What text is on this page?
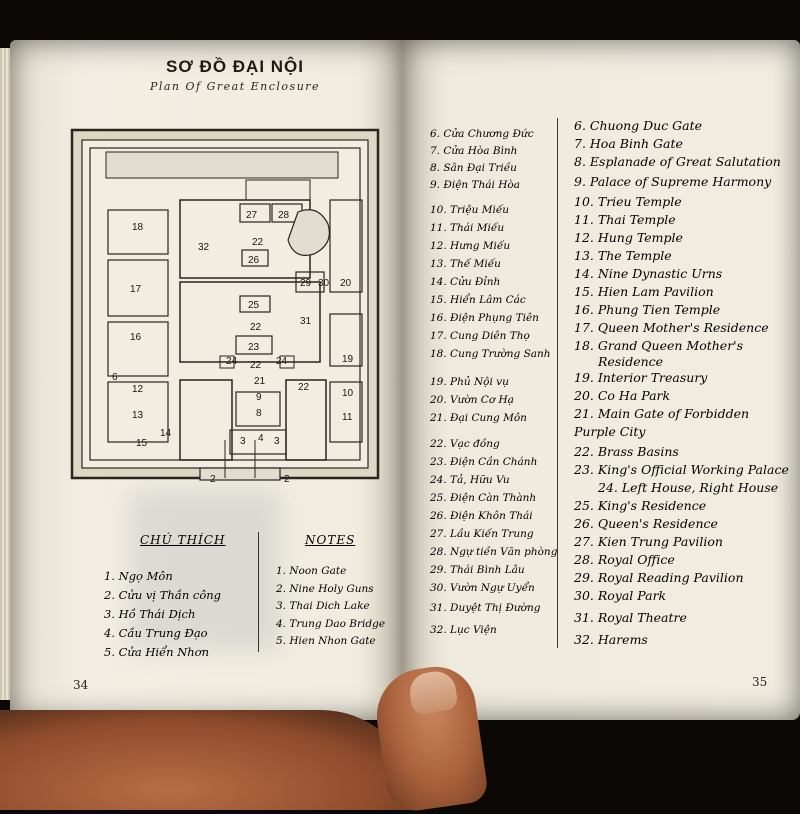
SƠ ĐỒ ĐẠI NỘI
Plan Of Great Enclosure
27 28
18
32	22
26
29 30 20
17
25
22
31
16
23
24 22 24	19
21
6
22
12
9	10
13	8	11
14
15	3 4 3
2	2
CHÚ THÍCH	NOTES
1. Ngọ Môn
2. Cửu vị Thần công
3. Hồ Thái Dịch
4. Cầu Trung Đạo
5. Cửa Hiển Nhơn
1. Noon Gate
2. Nine Holy Guns
3. Thai Dich Lake
4. Trung Dao Bridge
5. Hien Nhon Gate
34
6. Cửa Chương Đức
7. Cửa Hòa Bình
8. Sân Đại Triều
9. Điện Thái Hòa
10. Triệu Miếu
11. Thái Miếu
12. Hưng Miếu
13. Thế Miếu
14. Cửu Đỉnh
15. Hiển Lâm Các
16. Điện Phụng Tiên
17. Cung Diên Thọ
18. Cung Trường Sanh
19. Phủ Nội vụ
20. Vườn Cơ Hạ
21. Đại Cung Môn
22. Vạc đồng
23. Điện Cần Chánh
24. Tả, Hữu Vu
25. Điện Càn Thành
26. Điện Khôn Thái
27. Lầu Kiến Trung
28. Ngự tiền Văn phòng
29. Thái Bình Lâu
30. Vườn Ngự Uyển
31. Duyệt Thị Đường
32. Lục Viện
6. Chuong Duc Gate
7. Hoa Binh Gate
8. Esplanade of Great Salutation
9. Palace of Supreme Harmony
10. Trieu Temple
11. Thai Temple
12. Hung Temple
13. The Temple
14. Nine Dynastic Urns
15. Hien Lam Pavilion
16. Phung Tien Temple
17. Queen Mother's Residence
18. Grand Queen Mother's
Residence
19. Interior Treasury
20. Co Ha Park
21. Main Gate of Forbidden
Purple City
22. Brass Basins
23. King's Official Working Palace
24. Left House, Right House
25. King's Residence
26. Queen's Residence
27. Kien Trung Pavilion
28. Royal Office
29. Royal Reading Pavilion
30. Royal Park
31. Royal Theatre
32. Harems
35
